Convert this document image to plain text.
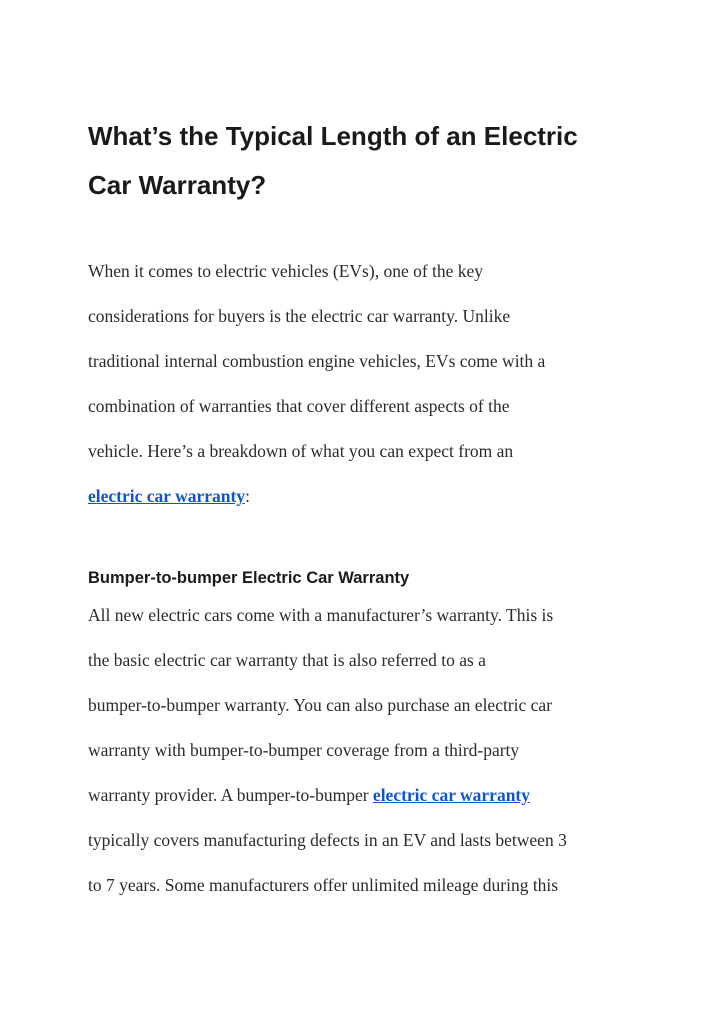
What’s the Typical Length of an Electric
Car Warranty?

When it comes to electric vehicles (EVs), one of the key
considerations for buyers is the electric car warranty. Unlike
traditional internal combustion engine vehicles, EVs come with a
combination of warranties that cover different aspects of the
vehicle. Here’s a breakdown of what you can expect from an
electric car warranty:

Bumper-to-bumper Electric Car Warranty

All new electric cars come with a manufacturer’s warranty. This is
the basic electric car warranty that is also referred to as a
bumper-to-bumper warranty. You can also purchase an electric car
warranty with bumper-to-bumper coverage from a third-party
warranty provider. A bumper-to-bumper electric car warranty
typically covers manufacturing defects in an EV and lasts between 3
to 7 years. Some manufacturers offer unlimited mileage during this
